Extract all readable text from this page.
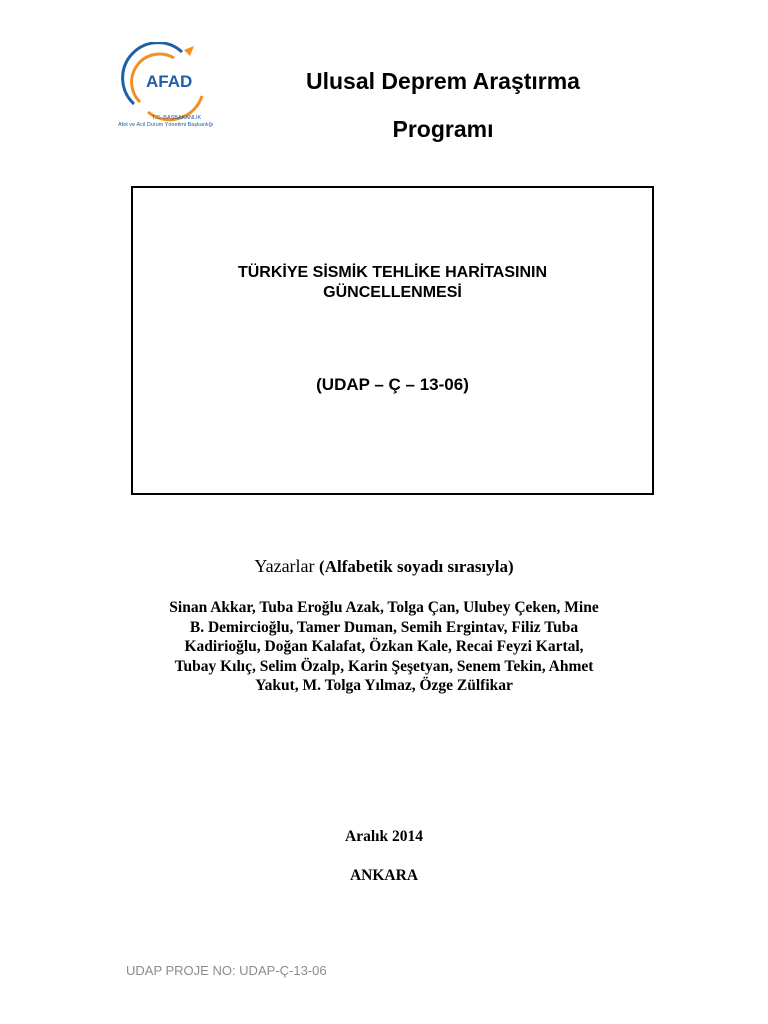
AFAD
T.C. BAŞBAKANLIK
Afet ve Acil Durum Yönetimi Başkanlığı
Ulusal Deprem Araştırma
Programı

TÜRKİYE SİSMİK TEHLİKE HARİTASININ
GÜNCELLENMESİ

(UDAP – Ç – 13-06)

Yazarlar (Alfabetik soyadı sırasıyla)

Sinan Akkar, Tuba Eroğlu Azak, Tolga Çan, Ulubey Çeken, Mine
B. Demircioğlu, Tamer Duman, Semih Ergintav, Filiz Tuba
Kadirioğlu, Doğan Kalafat, Özkan Kale, Recai Feyzi Kartal,
Tubay Kılıç, Selim Özalp, Karin Şeşetyan, Senem Tekin, Ahmet
Yakut, M. Tolga Yılmaz, Özge Zülfikar

Aralık 2014

ANKARA

UDAP PROJE NO: UDAP-Ç-13-06
